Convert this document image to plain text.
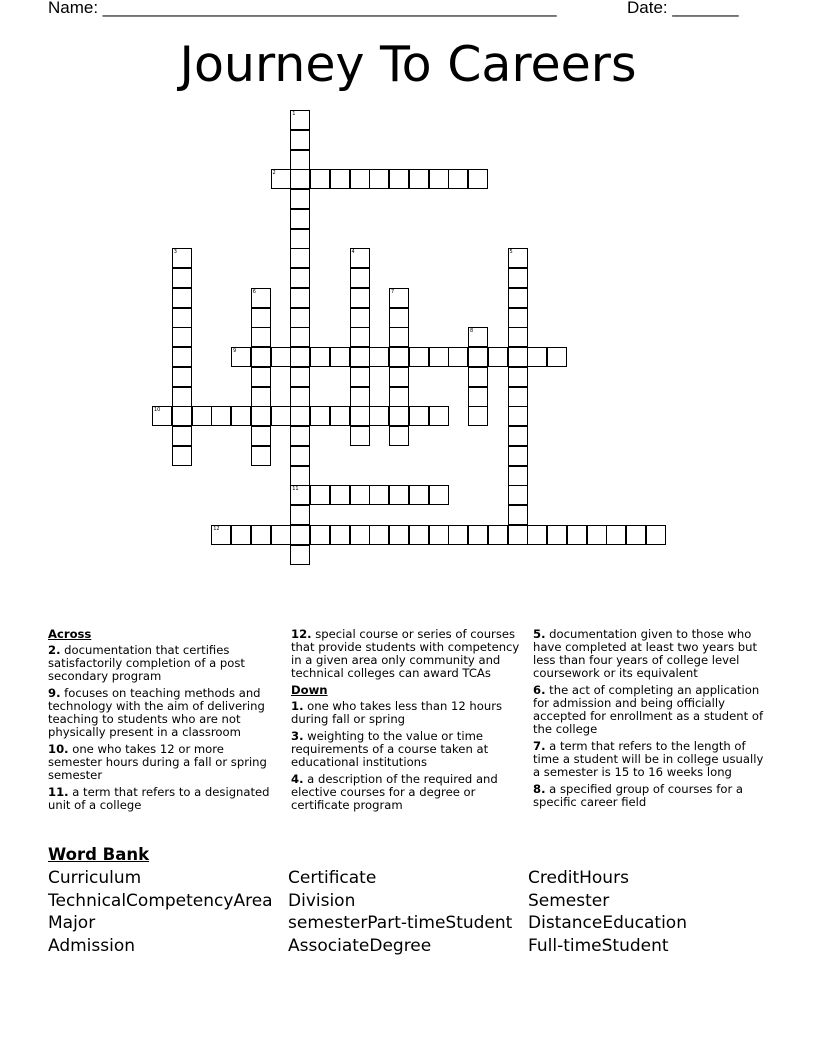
Name: ________________________________________________	Date: _______
Journey To Careers
1
11
2
3	4	5
6	7
8
9
10
12
Across
2. documentation that certifies satisfactorily completion of a post secondary program
9. focuses on teaching methods and technology with the aim of delivering teaching to students who are not physically present in a classroom
10. one who takes 12 or more semester hours during a fall or spring semester
11. a term that refers to a designated unit of a college
12. special course or series of courses that provide students with competency in a given area only community and technical colleges can award TCAs
Down
1. one who takes less than 12 hours during fall or spring
3. weighting to the value or time requirements of a course taken at educational institutions
4. a description of the required and elective courses for a degree or certificate program
5. documentation given to those who have completed at least two years but less than four years of college level coursework or its equivalent
6. the act of completing an application for admission and being officially accepted for enrollment as a student of the college
7. a term that refers to the length of time a student will be in college usually a semester is 15 to 16 weeks long
8. a specified group of courses for a specific career field
Word Bank
Curriculum
TechnicalCompetencyArea
Major
Admission
Certificate
Division
semesterPart-timeStudent
AssociateDegree
CreditHours
Semester
DistanceEducation
Full-timeStudent
